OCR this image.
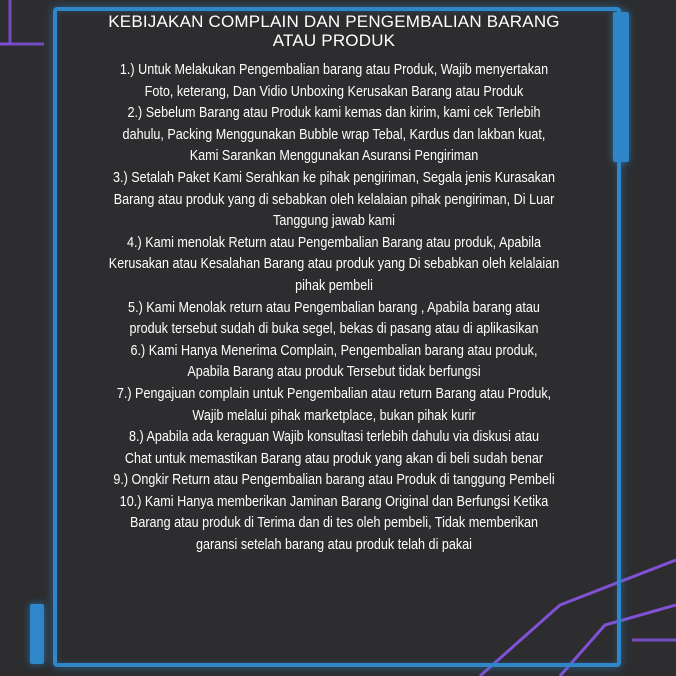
KEBIJAKAN COMPLAIN DAN PENGEMBALIAN BARANG
ATAU PRODUK
1.) Untuk Melakukan Pengembalian barang atau Produk, Wajib menyertakan
Foto, keterang, Dan Vidio Unboxing Kerusakan Barang atau Produk
2.) Sebelum Barang atau Produk kami kemas dan kirim, kami cek Terlebih
dahulu, Packing Menggunakan Bubble wrap Tebal, Kardus dan lakban kuat,
Kami Sarankan Menggunakan Asuransi Pengiriman
3.) Setalah Paket Kami Serahkan ke pihak pengiriman, Segala jenis Kurasakan
Barang atau produk yang di sebabkan oleh kelalaian pihak pengiriman, Di Luar
Tanggung jawab kami
4.) Kami menolak Return atau Pengembalian Barang atau produk, Apabila
Kerusakan atau Kesalahan Barang atau produk yang Di sebabkan oleh kelalaian
pihak pembeli
5.) Kami Menolak return atau Pengembalian barang , Apabila barang atau
produk tersebut sudah di buka segel, bekas di pasang atau di aplikasikan
6.) Kami Hanya Menerima Complain, Pengembalian barang atau produk,
Apabila Barang atau produk Tersebut tidak berfungsi
7.) Pengajuan complain untuk Pengembalian atau return Barang atau Produk,
Wajib melalui pihak marketplace, bukan pihak kurir
8.) Apabila ada keraguan Wajib konsultasi terlebih dahulu via diskusi atau
Chat untuk memastikan Barang atau produk yang akan di beli sudah benar
9.) Ongkir Return atau Pengembalian barang atau Produk di tanggung Pembeli
10.) Kami Hanya memberikan Jaminan Barang Original dan Berfungsi Ketika
Barang atau produk di Terima dan di tes oleh pembeli, Tidak memberikan
garansi setelah barang atau produk telah di pakai
